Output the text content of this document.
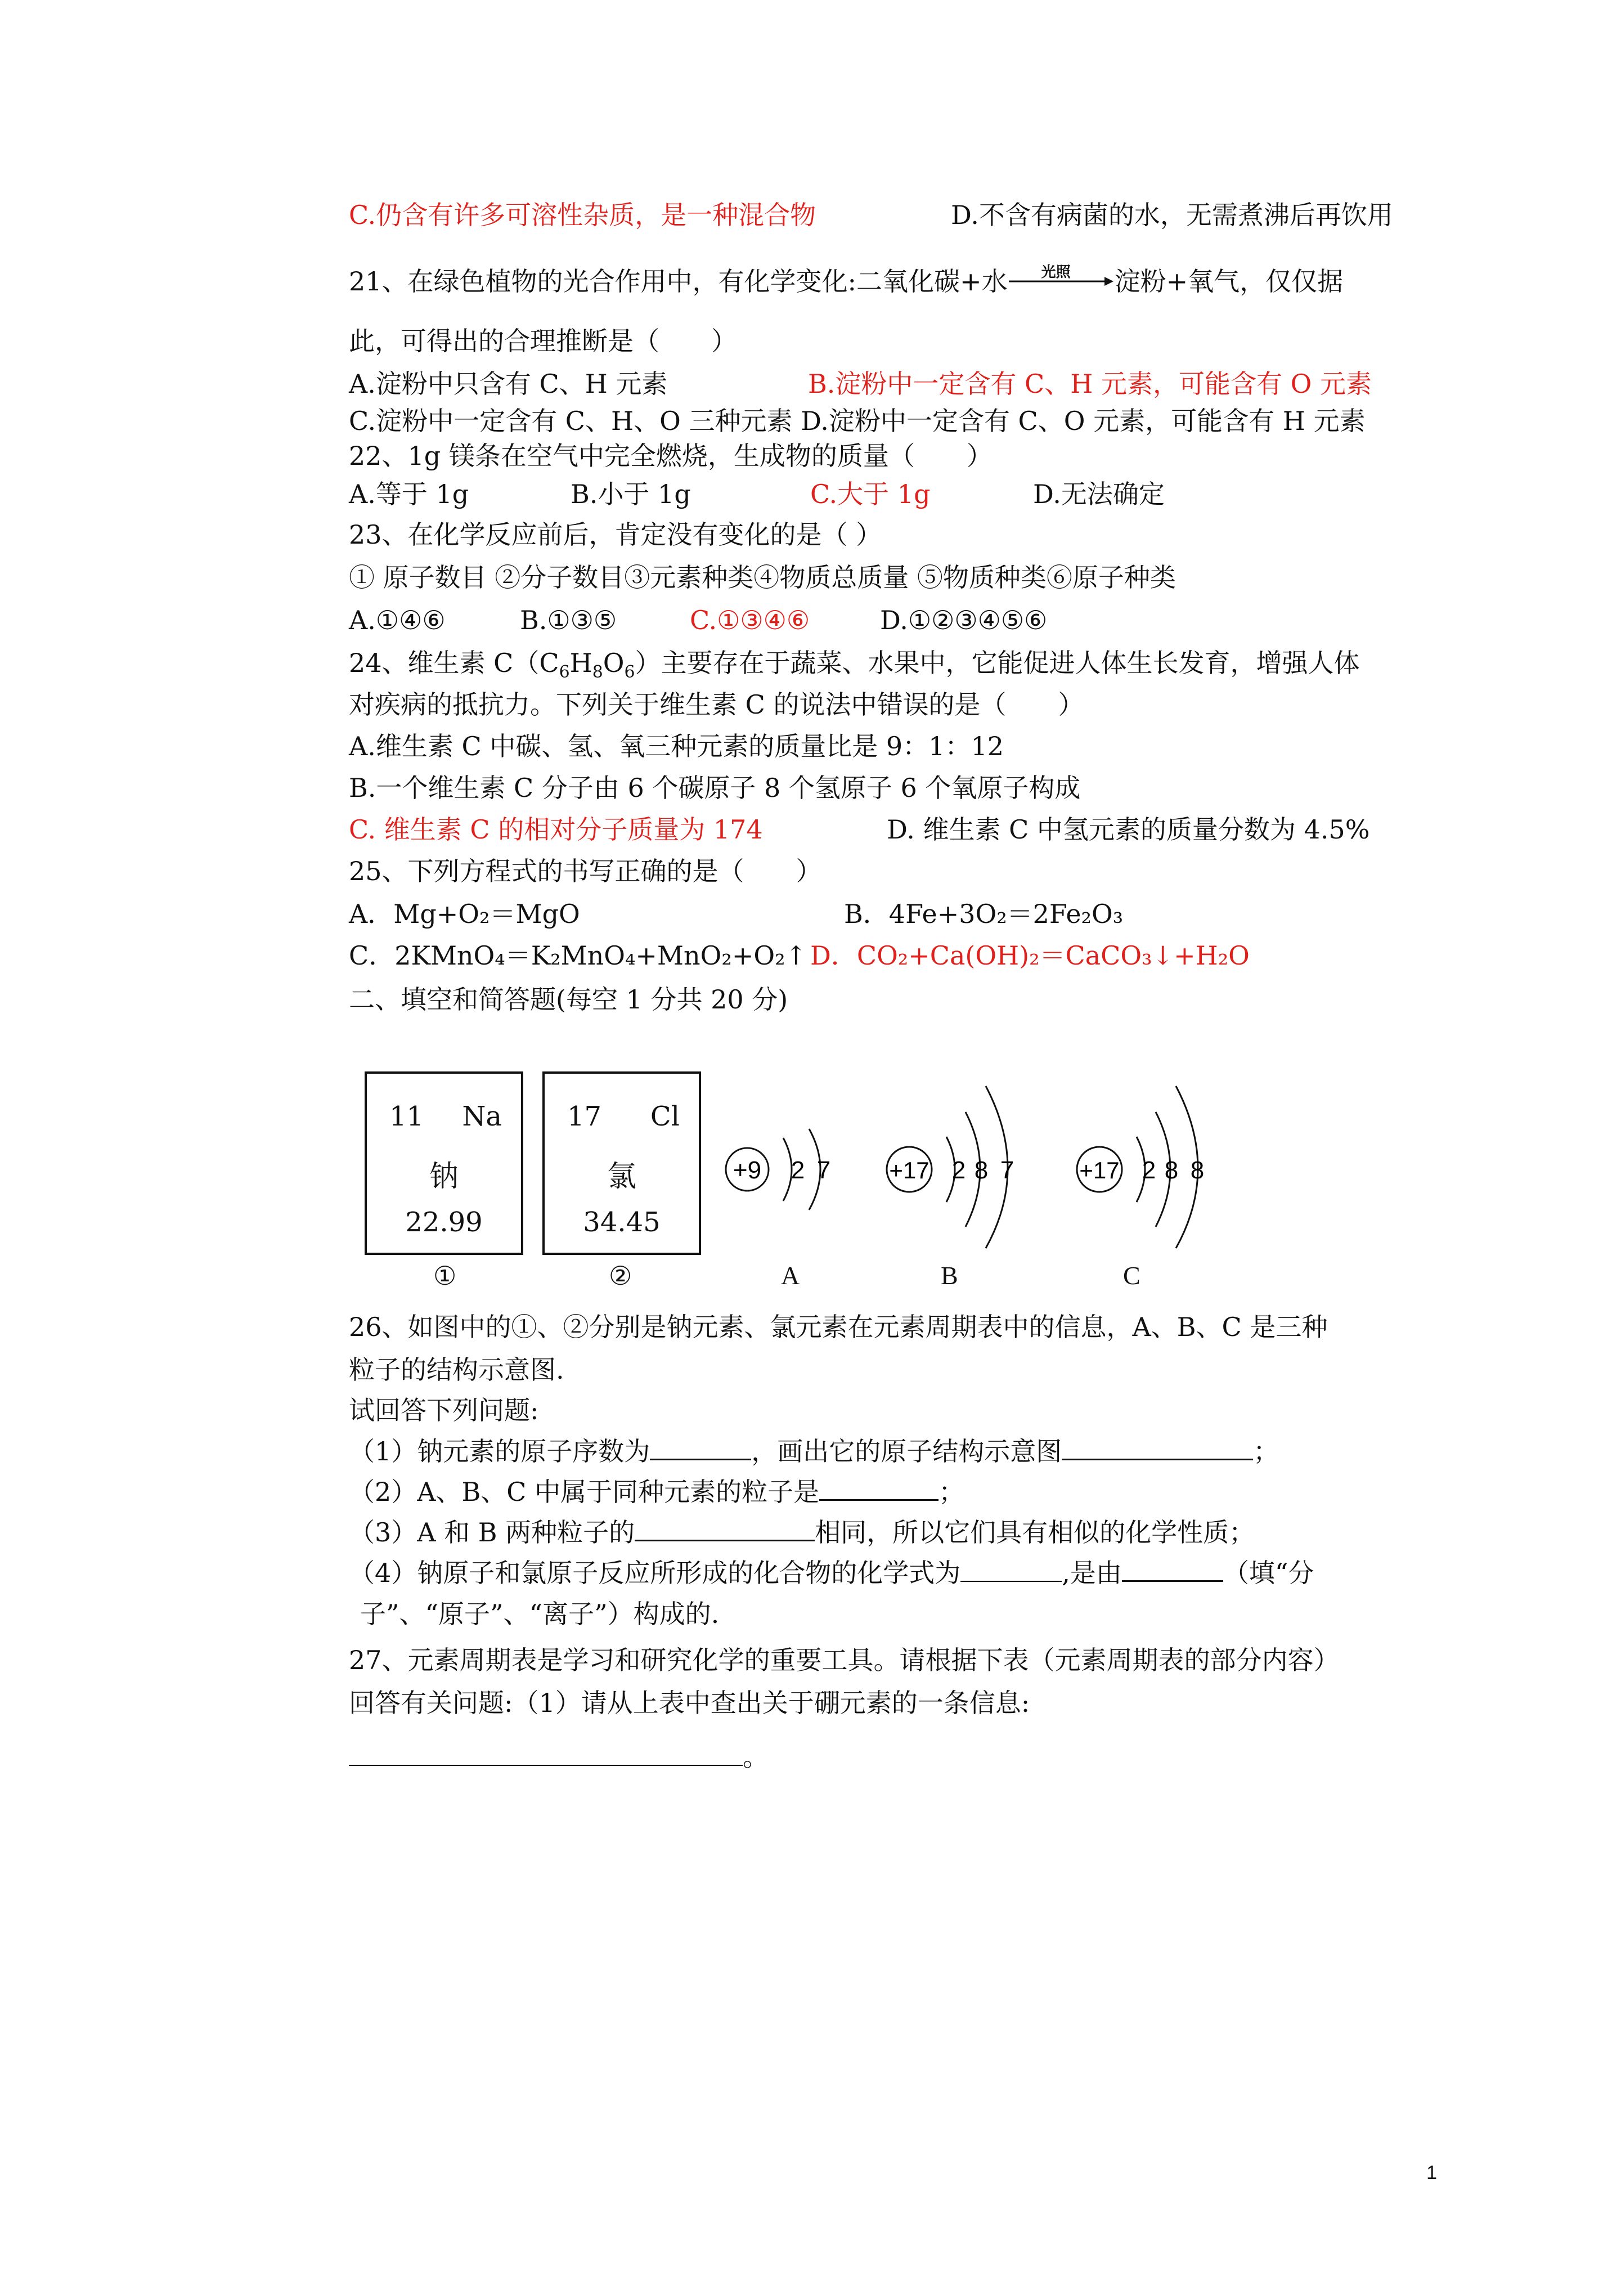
C.仍含有许多可溶性杂质，是一种混合物	D.不含有病菌的水，无需煮沸后再饮用
21、在绿色植物的光合作用中，有化学变化:二氧化碳+水 光照 淀粉+氧气，仅仅据
此，可得出的合理推断是（　　）
A.淀粉中只含有 C、H 元素	B.淀粉中一定含有 C、H 元素，可能含有 O 元素
C.淀粉中一定含有 C、H、O 三种元素 D.淀粉中一定含有 C、O 元素，可能含有 H 元素
22、1g 镁条在空气中完全燃烧，生成物的质量（　　）
A.等于 1g	B.小于 1g	C.大于 1g	D.无法确定
23、在化学反应前后，肯定没有变化的是（ ）
① 原子数目 ②分子数目③元素种类④物质总质量 ⑤物质种类⑥原子种类
A.①④⑥	B.①③⑤	C.①③④⑥	D.①②③④⑤⑥
24、维生素 $C(C_6H_8O_6)$主要存在于蔬菜、水果中，它能促进人体生长发育，增强人体
对疾病的抵抗力。下列关于维生素 C 的说法中错误的是（　　）
A.维生素 C 中碳、氢、氧三种元素的质量比是 9：1：12
B.一个维生素 C 分子由 6 个碳原子 8 个氢原子 6 个氧原子构成
C. 维生素 C 的相对分子质量为 174	D. 维生素 C 中氢元素的质量分数为 4.5%
25、下列方程式的书写正确的是（　　）
A．Mg+O₂＝MgO	B．4Fe+3O₂＝2Fe₂O₃
C．2KMnO₄＝K₂MnO₄+MnO₂+O₂↑ D．CO₂+Ca(OH)₂＝CaCO₃↓+H₂O
二、填空和简答题(每空 1 分共 20 分)
11 Na
钠
22.99
17 Cl
氯
34.45
①	②
+9 2 7 +17 2 8 7	+17 2 8 8
A	B	C
26、如图中的①、②分别是钠元素、氯元素在元素周期表中的信息，A、B、C 是三种
粒子的结构示意图.
试回答下列问题:
（1）钠元素的原子序数为	，画出它的原子结构示意图	；
（2）A、B、C 中属于同种元素的粒子是	；
（3）A 和 B 两种粒子的	相同，所以它们具有相似的化学性质；
（4）钠原子和氯原子反应所形成的化合物的化学式为	,是由	（填“分
子”、“原子”、“离子”）构成的.
27、元素周期表是学习和研究化学的重要工具。请根据下表（元素周期表的部分内容）
回答有关问题:（1）请从上表中查出关于硼元素的一条信息:
。
1
